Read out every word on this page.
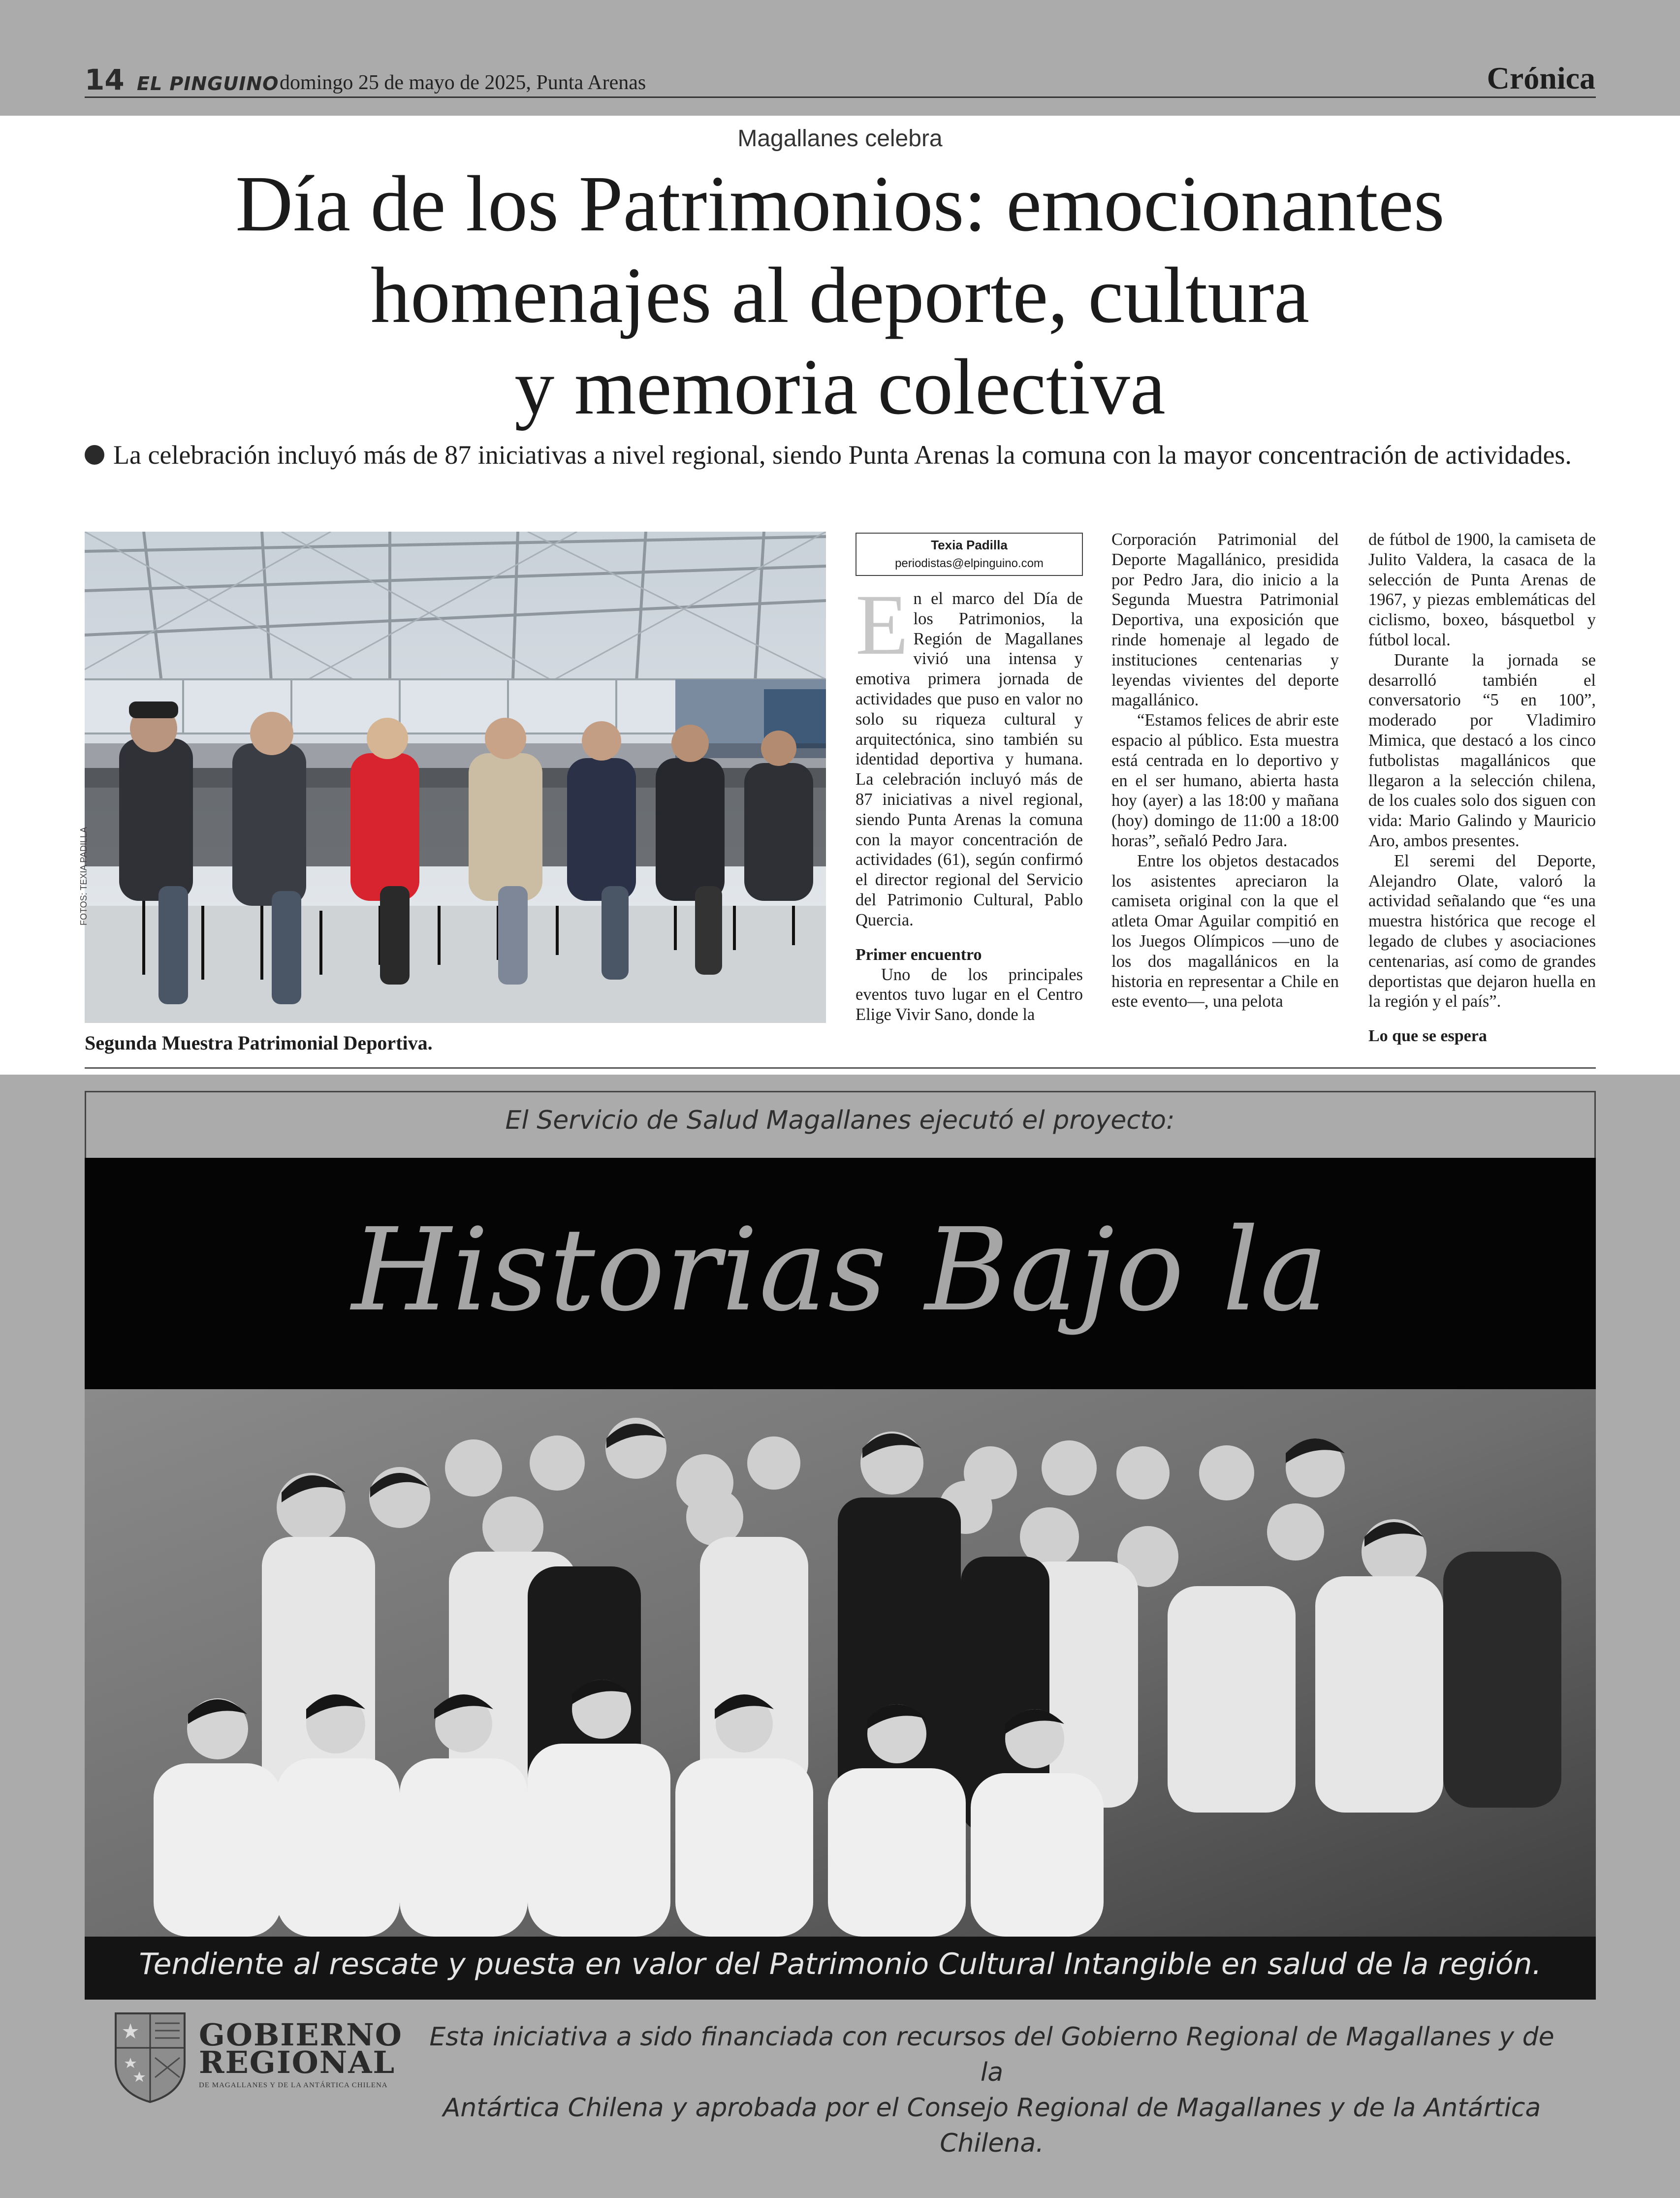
14 EL PINGUINO domingo 25 de mayo de 2025, Punta Arenas	Crónica
Magallanes celebra
Día de los Patrimonios: emocionantes
homenajes al deporte, cultura
y memoria colectiva
La celebración incluyó más de 87 iniciativas a nivel regional, siendo Punta Arenas la comuna con la mayor concentración de actividades.
FOTOS: TEXIA PADILLA
Segunda Muestra Patrimonial Deportiva.
Texia Padilla
periodistas@elpinguino.com
E n el marco del Día de los Patrimonios, la Región de Magallanes vivió una intensa y emotiva primera jornada de actividades que puso en valor no solo su riqueza cultural y arquitectónica, sino también su identidad deportiva y humana. La celebración incluyó más de 87 iniciativas a nivel regional, siendo Punta Arenas la comuna con la mayor concentración de actividades (61), según confirmó el director regional del Servicio del Patrimonio Cultural, Pablo Quercia.

Primer encuentro

Uno de los principales eventos tuvo lugar en el Centro Elige Vivir Sano, donde la

Corporación Patrimonial del Deporte Magallánico, presidida por Pedro Jara, dio inicio a la Segunda Muestra Patrimonial Deportiva, una exposición que rinde homenaje al legado de instituciones centenarias y leyendas vivientes del deporte magallánico.

“Estamos felices de abrir este espacio al público. Esta muestra está centrada en lo deportivo y en el ser humano, abierta hasta hoy (ayer) a las 18:00 y mañana (hoy) domingo de 11:00 a 18:00 horas”, señaló Pedro Jara.

Entre los objetos destacados los asistentes apreciaron la camiseta original con la que el atleta Omar Aguilar compitió en los Juegos Olímpicos —uno de los dos magallánicos en la historia en representar a Chile en este evento—, una pelota

de fútbol de 1900, la camiseta de Julito Valdera, la casaca de la selección de Punta Arenas de 1967, y piezas emblemáticas del ciclismo, boxeo, básquetbol y fútbol local.

Durante la jornada se desarrolló también el conversatorio “5 en 100”, moderado por Vladimiro Mimica, que destacó a los cinco futbolistas magallánicos que llegaron a la selección chilena, de los cuales solo dos siguen con vida: Mario Galindo y Mauricio Aro, ambos presentes.

El seremi del Deporte, Alejandro Olate, valoró la actividad señalando que “es una muestra histórica que recoge el legado de clubes y asociaciones centenarias, así como de grandes deportistas que dejaron huella en la región y el país”.

Lo que se espera
El Servicio de Salud Magallanes ejecutó el proyecto:
Historias Bajo la
Tendiente al rescate y puesta en valor del Patrimonio Cultural Intangible en salud de la región.
GOBIERNO
REGIONAL
DE MAGALLANES Y DE LA ANTÁRTICA CHILENA
Esta iniciativa a sido financiada con recursos del Gobierno Regional de Magallanes y de la
Antártica Chilena y aprobada por el Consejo Regional de Magallanes y de la Antártica Chilena.
